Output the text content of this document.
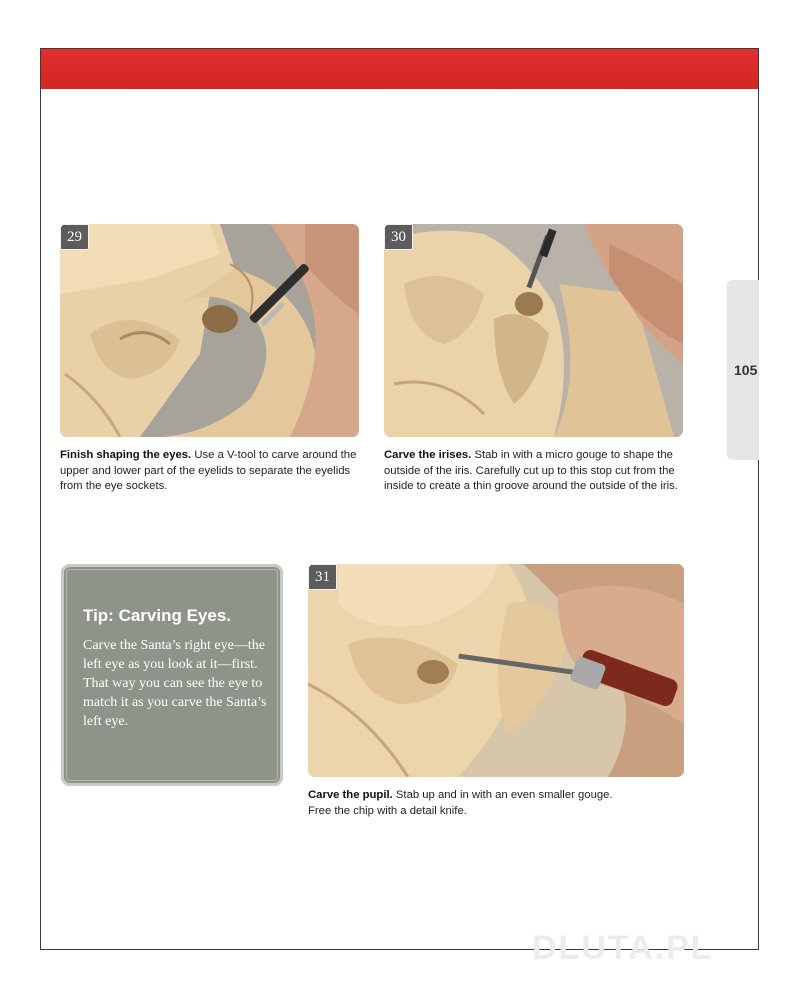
105
29
Finish shaping the eyes. Use a V-tool to carve around the upper and lower part of the eyelids to separate the eyelids from the eye sockets.
30
Carve the irises. Stab in with a micro gouge to shape the outside of the iris. Carefully cut up to this stop cut from the inside to create a thin groove around the outside of the iris.
Tip: Carving Eyes.
Carve the Santa’s right eye—the left eye as you look at it—first. That way you can see the eye to match it as you carve the Santa’s left eye.
31
Carve the pupil. Stab up and in with an even smaller gouge. Free the chip with a detail knife.
DLUTA.PL
